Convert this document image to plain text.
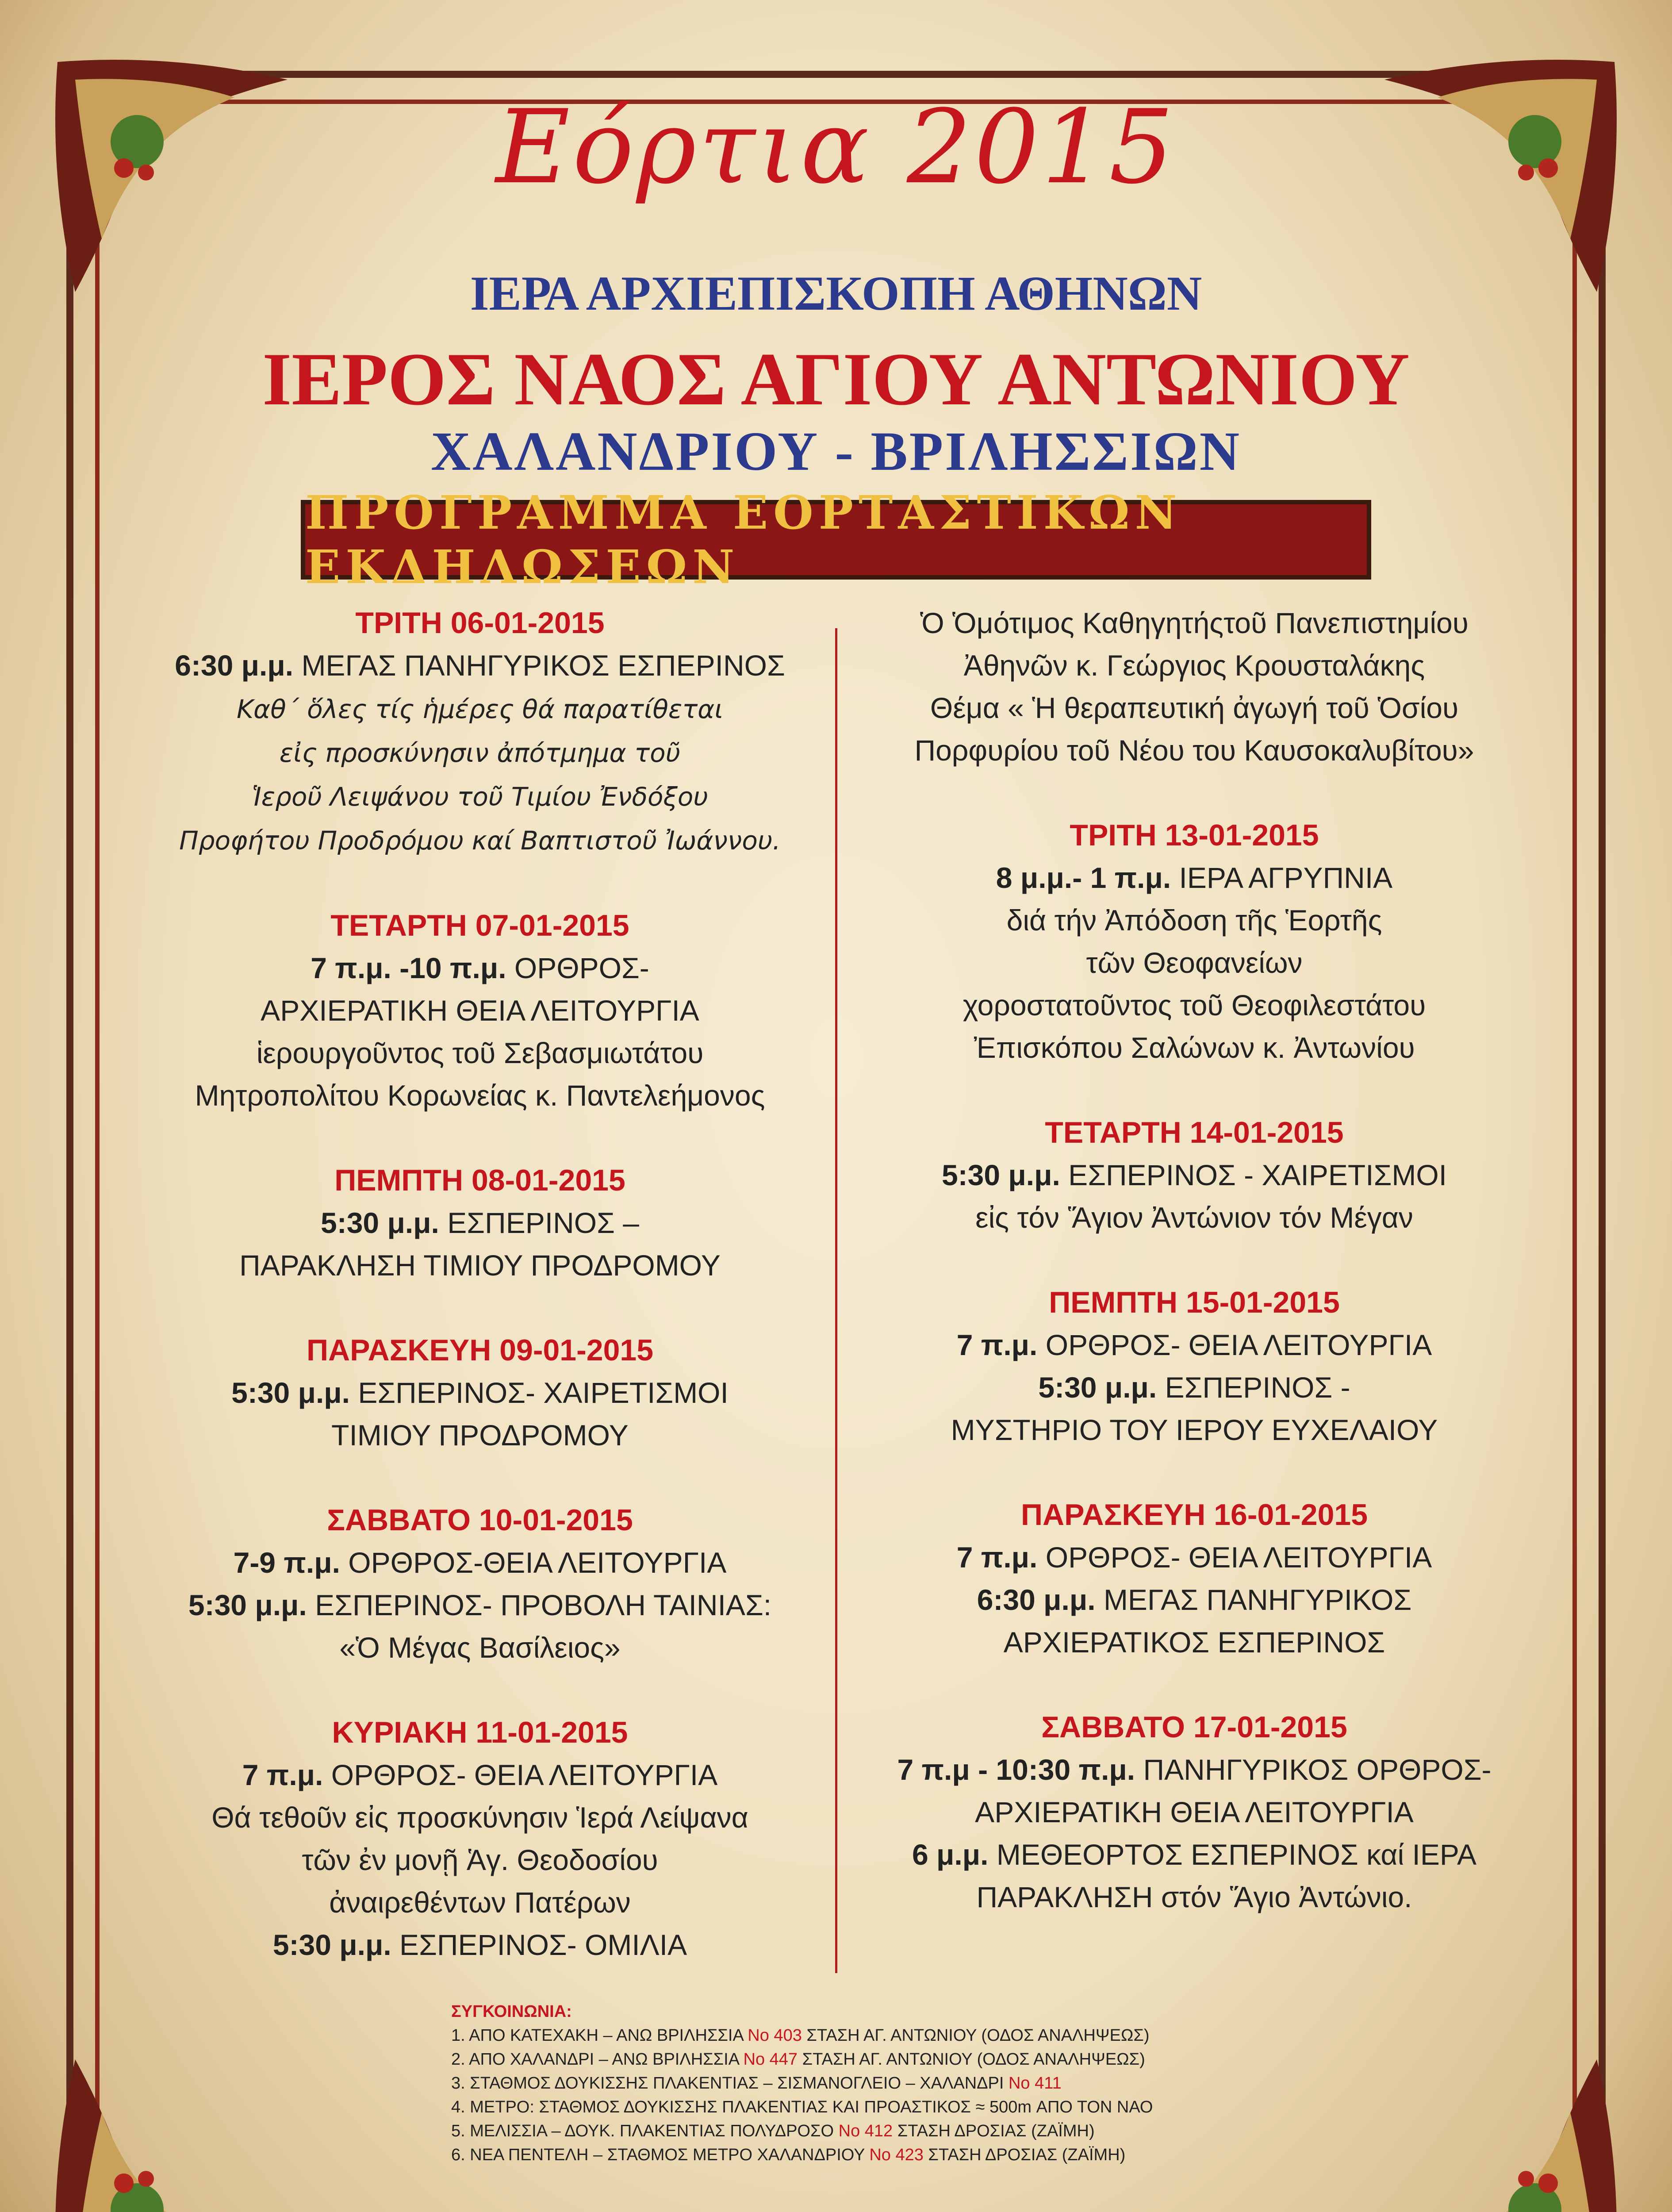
Εόρτια 2015
ΙΕΡΑ ΑΡΧΙΕΠΙΣΚΟΠΗ ΑΘΗΝΩΝ
ΙΕΡΟΣ ΝΑΟΣ ΑΓΙΟΥ ΑΝΤΩΝΙΟΥ
ΧΑΛΑΝΔΡΙΟΥ - ΒΡΙΛΗΣΣΙΩΝ
ΠΡΟΓΡΑΜΜΑ ΕΟΡΤΑΣΤΙΚΩΝ ΕΚΔΗΛΩΣΕΩΝ
ΤΡΙΤΗ 06-01-2015
6:30 μ.μ. ΜΕΓΑΣ ΠΑΝΗΓΥΡΙΚΟΣ ΕΣΠΕΡΙΝΟΣ
Καθ΄ ὅλες τίς ἡμέρες θά παρατίθεται
εἰς προσκύνησιν ἀπότμημα τοῦ
Ἱεροῦ Λειψάνου τοῦ Τιμίου Ἐνδόξου
Προφήτου Προδρόμου καί Βαπτιστοῦ Ἰωάννου.
ΤΕΤΑΡΤΗ 07-01-2015
7 π.μ. -10 π.μ. ΟΡΘΡΟΣ-
ΑΡΧΙΕΡΑΤΙΚΗ ΘΕΙΑ ΛΕΙΤΟΥΡΓΙΑ
ἱερουργοῦντος τοῦ Σεβασμιωτάτου
Μητροπολίτου Κορωνείας κ. Παντελεήμονος
ΠΕΜΠΤΗ 08-01-2015
5:30 μ.μ. ΕΣΠΕΡΙΝΟΣ –
ΠΑΡΑΚΛΗΣΗ ΤΙΜΙΟΥ ΠΡΟΔΡΟΜΟΥ
ΠΑΡΑΣΚΕΥΗ 09-01-2015
5:30 μ.μ. ΕΣΠΕΡΙΝΟΣ- ΧΑΙΡΕΤΙΣΜΟΙ
ΤΙΜΙΟΥ ΠΡΟΔΡΟΜΟΥ
ΣΑΒΒΑΤΟ 10-01-2015
7-9 π.μ. ΟΡΘΡΟΣ-ΘΕΙΑ ΛΕΙΤΟΥΡΓΙΑ
5:30 μ.μ. ΕΣΠΕΡΙΝΟΣ- ΠΡΟΒΟΛΗ ΤΑΙΝΙΑΣ:
«Ὁ Μέγας Βασίλειος»
ΚΥΡΙΑΚΗ 11-01-2015
7 π.μ. ΟΡΘΡΟΣ- ΘΕΙΑ ΛΕΙΤΟΥΡΓΙΑ
Θά τεθοῦν εἰς προσκύνησιν Ἱερά Λείψανα
τῶν ἐν μονῇ Ἁγ. Θεοδοσίου
ἀναιρεθέντων Πατέρων
5:30 μ.μ. ΕΣΠΕΡΙΝΟΣ- ΟΜΙΛΙΑ
Ὁ Ὁμότιμος Καθηγητήςτοῦ Πανεπιστημίου
Ἀθηνῶν κ. Γεώργιος Κρουσταλάκης
Θέμα « Ἡ θεραπευτική ἀγωγή τοῦ Ὁσίου
Πορφυρίου τοῦ Νέου του Καυσοκαλυβίτου»
ΤΡΙΤΗ 13-01-2015
8 μ.μ.- 1 π.μ. ΙΕΡΑ ΑΓΡΥΠΝΙΑ
διά τήν Ἀπόδοση τῆς Ἑορτῆς
τῶν Θεοφανείων
χοροστατοῦντος τοῦ Θεοφιλεστάτου
Ἐπισκόπου Σαλώνων κ. Ἀντωνίου
ΤΕΤΑΡΤΗ 14-01-2015
5:30 μ.μ. ΕΣΠΕΡΙΝΟΣ - ΧΑΙΡΕΤΙΣΜΟΙ
εἰς τόν Ἅγιον Ἀντώνιον τόν Μέγαν
ΠΕΜΠΤΗ 15-01-2015
7 π.μ. ΟΡΘΡΟΣ- ΘΕΙΑ ΛΕΙΤΟΥΡΓΙΑ
5:30 μ.μ. ΕΣΠΕΡΙΝΟΣ -
ΜΥΣΤΗΡΙΟ ΤΟΥ ΙΕΡΟΥ ΕΥΧΕΛΑΙΟΥ
ΠΑΡΑΣΚΕΥΗ 16-01-2015
7 π.μ. ΟΡΘΡΟΣ- ΘΕΙΑ ΛΕΙΤΟΥΡΓΙΑ
6:30 μ.μ. ΜΕΓΑΣ ΠΑΝΗΓΥΡΙΚΟΣ
ΑΡΧΙΕΡΑΤΙΚΟΣ ΕΣΠΕΡΙΝΟΣ
ΣΑΒΒΑΤΟ 17-01-2015
7 π.μ - 10:30 π.μ. ΠΑΝΗΓΥΡΙΚΟΣ ΟΡΘΡΟΣ-
ΑΡΧΙΕΡΑΤΙΚΗ ΘΕΙΑ ΛΕΙΤΟΥΡΓΙΑ
6 μ.μ. ΜΕΘΕΟΡΤΟΣ ΕΣΠΕΡΙΝΟΣ καί ΙΕΡΑ
ΠΑΡΑΚΛΗΣΗ στόν Ἅγιο Ἀντώνιο.
ΣΥΓΚΟΙΝΩΝΙΑ:
1. ΑΠΟ ΚΑΤΕΧΑΚΗ – ΑΝΩ ΒΡΙΛΗΣΣΙΑ Νο 403 ΣΤΑΣΗ ΑΓ. ΑΝΤΩΝΙΟΥ (ΟΔΟΣ ΑΝΑΛΗΨΕΩΣ)
2. ΑΠΟ ΧΑΛΑΝΔΡΙ – ΑΝΩ ΒΡΙΛΗΣΣΙΑ Νο 447 ΣΤΑΣΗ ΑΓ. ΑΝΤΩΝΙΟΥ (ΟΔΟΣ ΑΝΑΛΗΨΕΩΣ)
3. ΣΤΑΘΜΟΣ ΔΟΥΚΙΣΣΗΣ ΠΛΑΚΕΝΤΙΑΣ – ΣΙΣΜΑΝΟΓΛΕΙΟ – ΧΑΛΑΝΔΡΙ Νο 411
4. ΜΕΤΡΟ: ΣΤΑΘΜΟΣ ΔΟΥΚΙΣΣΗΣ ΠΛΑΚΕΝΤΙΑΣ ΚΑΙ ΠΡΟΑΣΤΙΚΟΣ ≈ 500m ΑΠΟ ΤΟΝ ΝΑΟ
5. ΜΕΛΙΣΣΙΑ – ΔΟΥΚ. ΠΛΑΚΕΝΤΙΑΣ ΠΟΛΥΔΡΟΣΟ Νο 412 ΣΤΑΣΗ ΔΡΟΣΙΑΣ (ΖΑΪΜΗ)
6. ΝΕΑ ΠΕΝΤΕΛΗ – ΣΤΑΘΜΟΣ ΜΕΤΡΟ ΧΑΛΑΝΔΡΙΟΥ Νο 423 ΣΤΑΣΗ ΔΡΟΣΙΑΣ (ΖΑΪΜΗ)
